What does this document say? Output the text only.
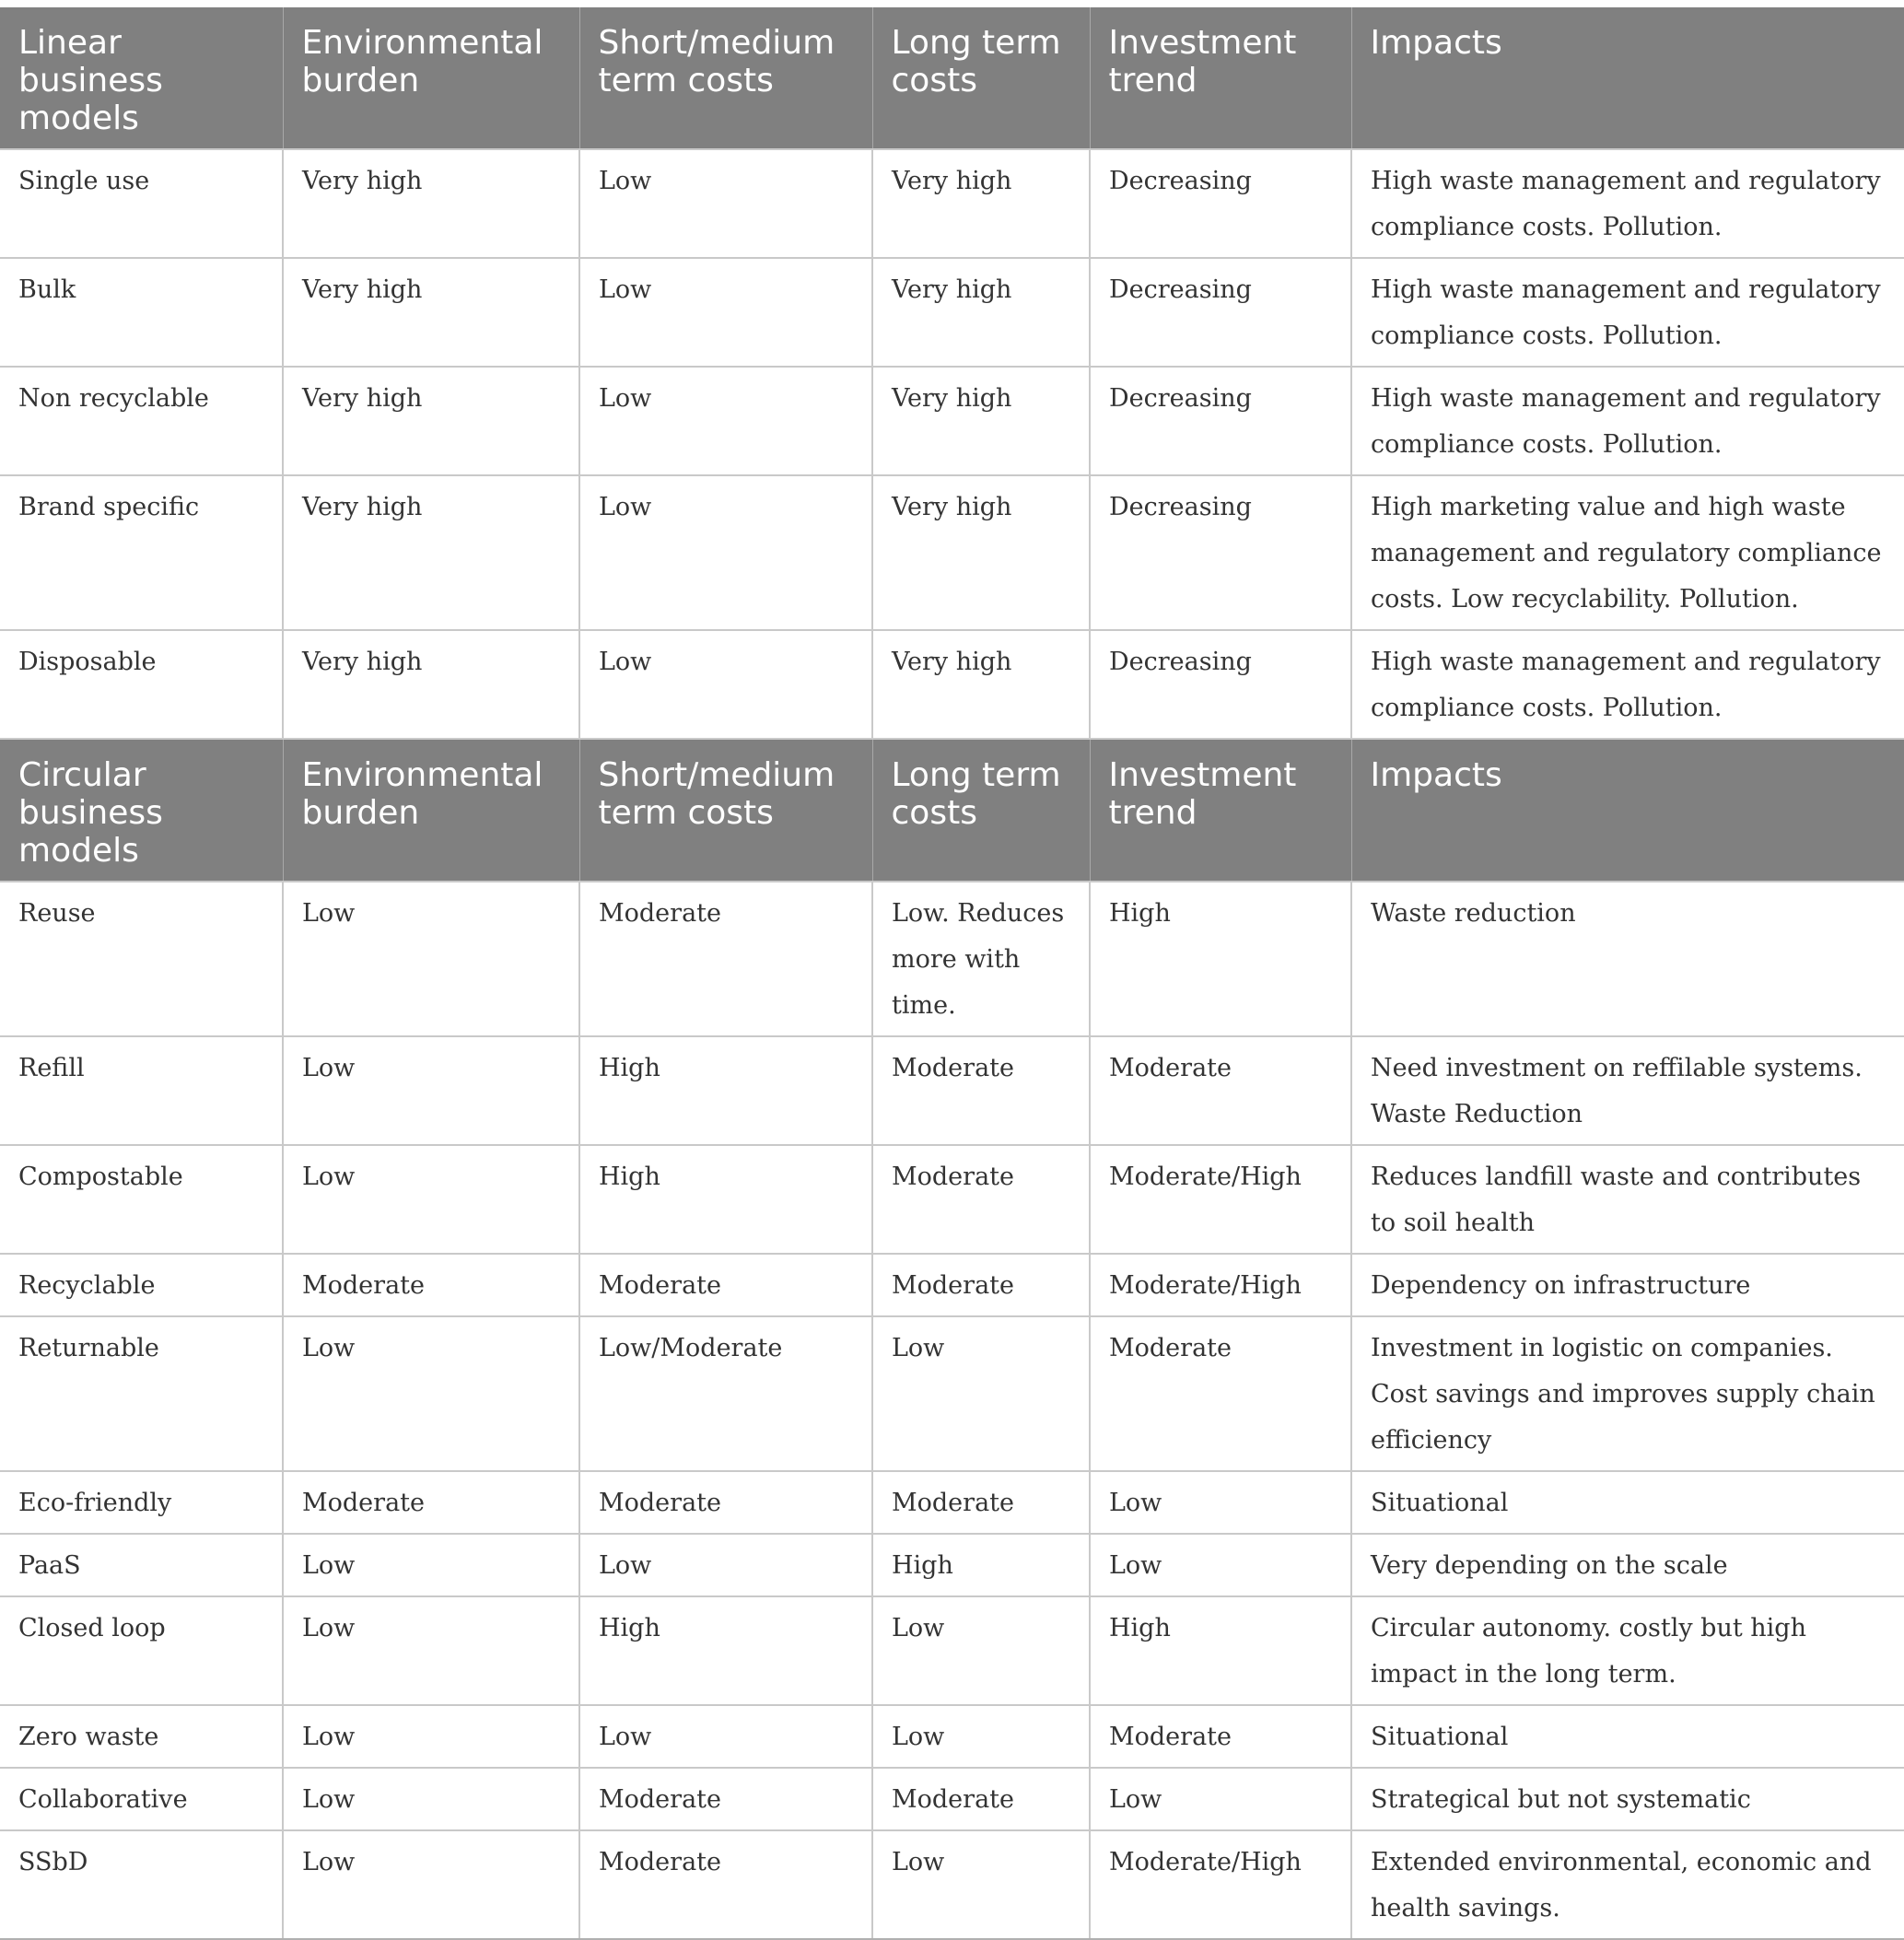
Linear business models	Environmental burden	Short/medium term costs	Long term costs	Investment trend	Impacts
Single use	Very high	Low	Very high	Decreasing	High waste management and regulatory compliance costs. Pollution.
Bulk	Very high	Low	Very high	Decreasing	High waste management and regulatory compliance costs. Pollution.
Non recyclable	Very high	Low	Very high	Decreasing	High waste management and regulatory compliance costs. Pollution.
Brand specific	Very high	Low	Very high	Decreasing	High marketing value and high waste management and regulatory compliance costs. Low recyclability. Pollution.
Disposable	Very high	Low	Very high	Decreasing	High waste management and regulatory compliance costs. Pollution.
Circular business models	Environmental burden	Short/medium term costs	Long term costs	Investment trend	Impacts
Reuse	Low	Moderate	Low. Reduces more with time.	High	Waste reduction
Refill	Low	High	Moderate	Moderate	Need investment on reffilable systems. Waste Reduction
Compostable	Low	High	Moderate	Moderate/High	Reduces landfill waste and contributes to soil health
Recyclable	Moderate	Moderate	Moderate	Moderate/High	Dependency on infrastructure
Returnable	Low	Low/Moderate	Low	Moderate	Investment in logistic on companies. Cost savings and improves supply chain efficiency
Eco-friendly	Moderate	Moderate	Moderate	Low	Situational
PaaS	Low	Low	High	Low	Very depending on the scale
Closed loop	Low	High	Low	High	Circular autonomy. costly but high impact in the long term.
Zero waste	Low	Low	Low	Moderate	Situational
Collaborative	Low	Moderate	Moderate	Low	Strategical but not systematic
SSbD	Low	Moderate	Low	Moderate/High	Extended environmental, economic and health savings.
